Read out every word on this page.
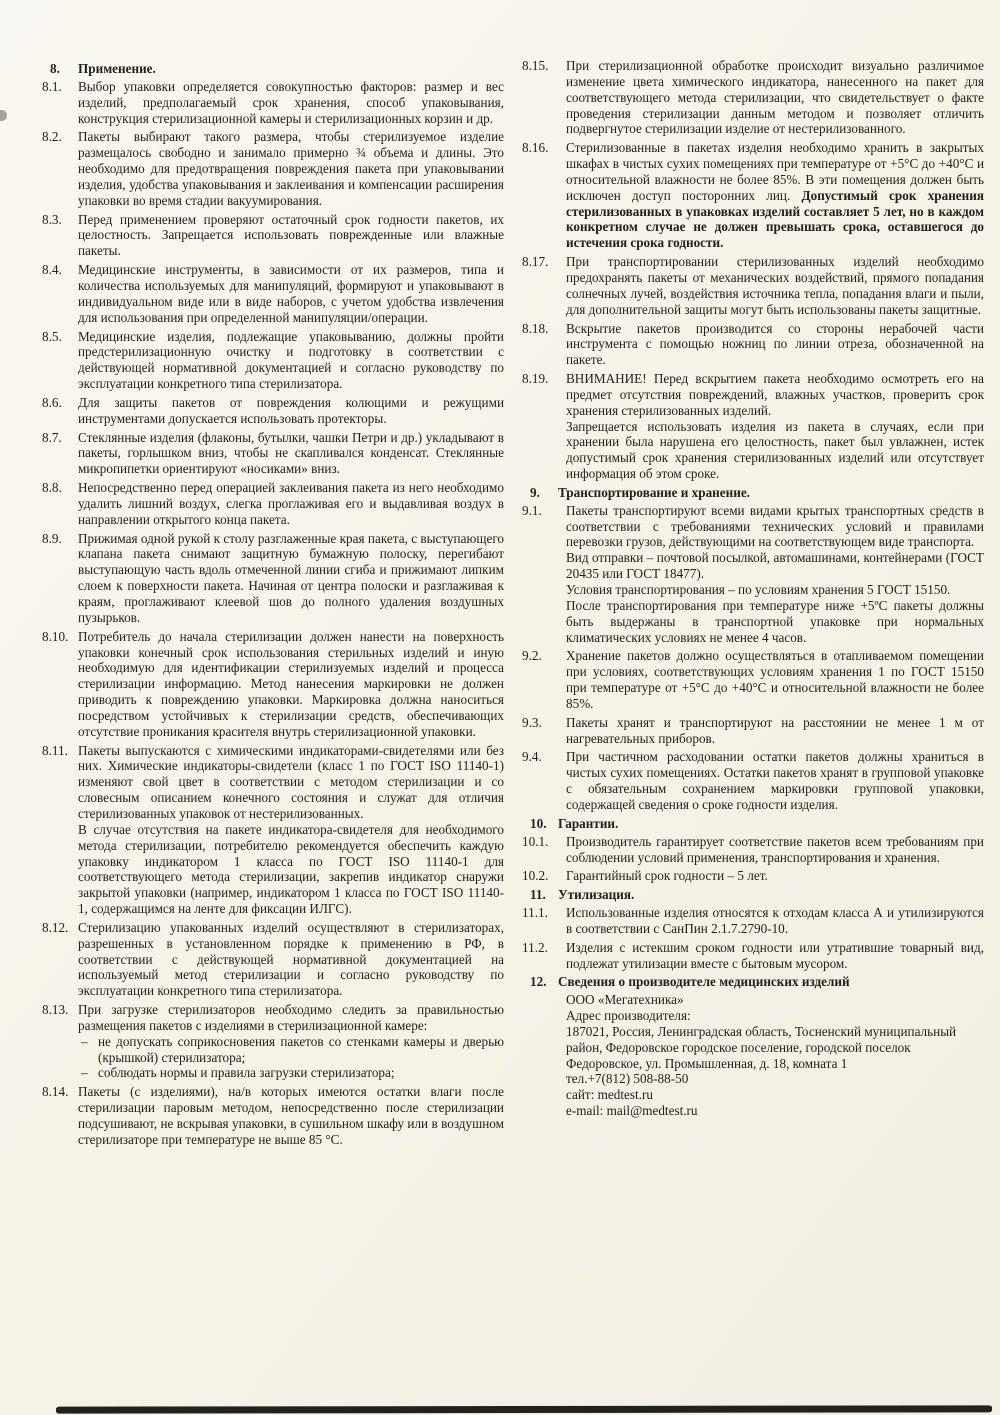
8. Применение.
8.1. Выбор упаковки определяется совокупностью факторов: размер и вес изделий, предполагаемый срок хранения, способ упаковывания, конструкция стерилизационной камеры и стерилизационных корзин и др.
8.2. Пакеты выбирают такого размера, чтобы стерилизуемое изделие размещалось свободно и занимало примерно ¾ объема и длины. Это необходимо для предотвращения повреждения пакета при упаковывании изделия, удобства упаковывания и заклеивания и компенсации расширения упаковки во время стадии вакуумирования.
8.3. Перед применением проверяют остаточный срок годности пакетов, их целостность. Запрещается использовать поврежденные или влажные пакеты.
8.4. Медицинские инструменты, в зависимости от их размеров, типа и количества используемых для манипуляций, формируют и упаковывают в индивидуальном виде или в виде наборов, с учетом удобства извлечения для использования при определенной манипуляции/операции.
8.5. Медицинские изделия, подлежащие упаковыванию, должны пройти предстерилизационную очистку и подготовку в соответствии с действующей нормативной документацией и согласно руководству по эксплуатации конкретного типа стерилизатора.
8.6. Для защиты пакетов от повреждения колющими и режущими инструментами допускается использовать протекторы.
8.7. Стеклянные изделия (флаконы, бутылки, чашки Петри и др.) укладывают в пакеты, горлышком вниз, чтобы не скапливался конденсат. Стеклянные микропипетки ориентируют «носиками» вниз.
8.8. Непосредственно перед операцией заклеивания пакета из него необходимо удалить лишний воздух, слегка проглаживая его и выдавливая воздух в направлении открытого конца пакета.
8.9. Прижимая одной рукой к столу разглаженные края пакета, с выступающего клапана пакета снимают защитную бумажную полоску, перегибают выступающую часть вдоль отмеченной линии сгиба и прижимают липким слоем к поверхности пакета. Начиная от центра полоски и разглаживая к краям, проглаживают клеевой шов до полного удаления воздушных пузырьков.
8.10. Потребитель до начала стерилизации должен нанести на поверхность упаковки конечный срок использования стерильных изделий и иную необходимую для идентификации стерилизуемых изделий и процесса стерилизации информацию. Метод нанесения маркировки не должен приводить к повреждению упаковки. Маркировка должна наноситься посредством устойчивых к стерилизации средств, обеспечивающих отсутствие проникания красителя внутрь стерилизационной упаковки.
8.11. Пакеты выпускаются с химическими индикаторами-свидетелями или без них. Химические индикаторы-свидетели (класс 1 по ГОСТ ISO 11140-1) изменяют свой цвет в соответствии с методом стерилизации и со словесным описанием конечного состояния и служат для отличия стерилизованных упаковок от нестерилизованных.
В случае отсутствия на пакете индикатора-свидетеля для необходимого метода стерилизации, потребителю рекомендуется обеспечить каждую упаковку индикатором 1 класса по ГОСТ ISO 11140-1 для соответствующего метода стерилизации, закрепив индикатор снаружи закрытой упаковки (например, индикатором 1 класса по ГОСТ ISO 11140-1, содержащимся на ленте для фиксации ИЛГС).
8.12. Стерилизацию упакованных изделий осуществляют в стерилизаторах, разрешенных в установленном порядке к применению в РФ, в соответствии с действующей нормативной документацией на используемый метод стерилизации и согласно руководству по эксплуатации конкретного типа стерилизатора.
8.13. При загрузке стерилизаторов необходимо следить за правильностью размещения пакетов с изделиями в стерилизационной камере:
– не допускать соприкосновения пакетов со стенками камеры и дверью (крышкой) стерилизатора;
– соблюдать нормы и правила загрузки стерилизатора;
8.14. Пакеты (с изделиями), на/в которых имеются остатки влаги после стерилизации паровым методом, непосредственно после стерилизации подсушивают, не вскрывая упаковки, в сушильном шкафу или в воздушном стерилизаторе при температуре не выше 85 °С.
8.15. При стерилизационной обработке происходит визуально различимое изменение цвета химического индикатора, нанесенного на пакет для соответствующего метода стерилизации, что свидетельствует о факте проведения стерилизации данным методом и позволяет отличить подвергнутое стерилизации изделие от нестерилизованного.
8.16. Стерилизованные в пакетах изделия необходимо хранить в закрытых шкафах в чистых сухих помещениях при температуре от +5°С до +40°С и относительной влажности не более 85%. В эти помещения должен быть исключен доступ посторонних лиц. Допустимый срок хранения стерилизованных в упаковках изделий составляет 5 лет, но в каждом конкретном случае не должен превышать срока, оставшегося до истечения срока годности.
8.17. При транспортировании стерилизованных изделий необходимо предохранять пакеты от механических воздействий, прямого попадания солнечных лучей, воздействия источника тепла, попадания влаги и пыли, для дополнительной защиты могут быть использованы пакеты защитные.
8.18. Вскрытие пакетов производится со стороны нерабочей части инструмента с помощью ножниц по линии отреза, обозначенной на пакете.
8.19. ВНИМАНИЕ! Перед вскрытием пакета необходимо осмотреть его на предмет отсутствия повреждений, влажных участков, проверить срок хранения стерилизованных изделий.
Запрещается использовать изделия из пакета в случаях, если при хранении была нарушена его целостность, пакет был увлажнен, истек допустимый срок хранения стерилизованных изделий или отсутствует информация об этом сроке.
9. Транспортирование и хранение.
9.1. Пакеты транспортируют всеми видами крытых транспортных средств в соответствии с требованиями технических условий и правилами перевозки грузов, действующими на соответствующем виде транспорта.
Вид отправки – почтовой посылкой, автомашинами, контейнерами (ГОСТ 20435 или ГОСТ 18477).
Условия транспортирования – по условиям хранения 5 ГОСТ 15150.
После транспортирования при температуре ниже +5ºС пакеты должны быть выдержаны в транспортной упаковке при нормальных климатических условиях не менее 4 часов.
9.2. Хранение пакетов должно осуществляться в отапливаемом помещении при условиях, соответствующих условиям хранения 1 по ГОСТ 15150 при температуре от +5°С до +40°С и относительной влажности не более 85%.
9.3. Пакеты хранят и транспортируют на расстоянии не менее 1 м от нагревательных приборов.
9.4. При частичном расходовании остатки пакетов должны храниться в чистых сухих помещениях. Остатки пакетов хранят в групповой упаковке с обязательным сохранением маркировки групповой упаковки, содержащей сведения о сроке годности изделия.
10. Гарантии.
10.1. Производитель гарантирует соответствие пакетов всем требованиям при соблюдении условий применения, транспортирования и хранения.
10.2. Гарантийный срок годности – 5 лет.
11. Утилизация.
11.1. Использованные изделия относятся к отходам класса А и утилизируются в соответствии с СанПин 2.1.7.2790-10.
11.2. Изделия с истекшим сроком годности или утратившие товарный вид, подлежат утилизации вместе с бытовым мусором.
12. Сведения о производителе медицинских изделий
ООО «Мегатехника»
Адрес производителя:
187021, Россия, Ленинградская область, Тосненский муниципальный район, Федоровское городское поселение, городской поселок Федоровское, ул. Промышленная, д. 18, комната 1
тел.+7(812) 508-88-50
сайт: medtest.ru
e-mail: mail@medtest.ru
